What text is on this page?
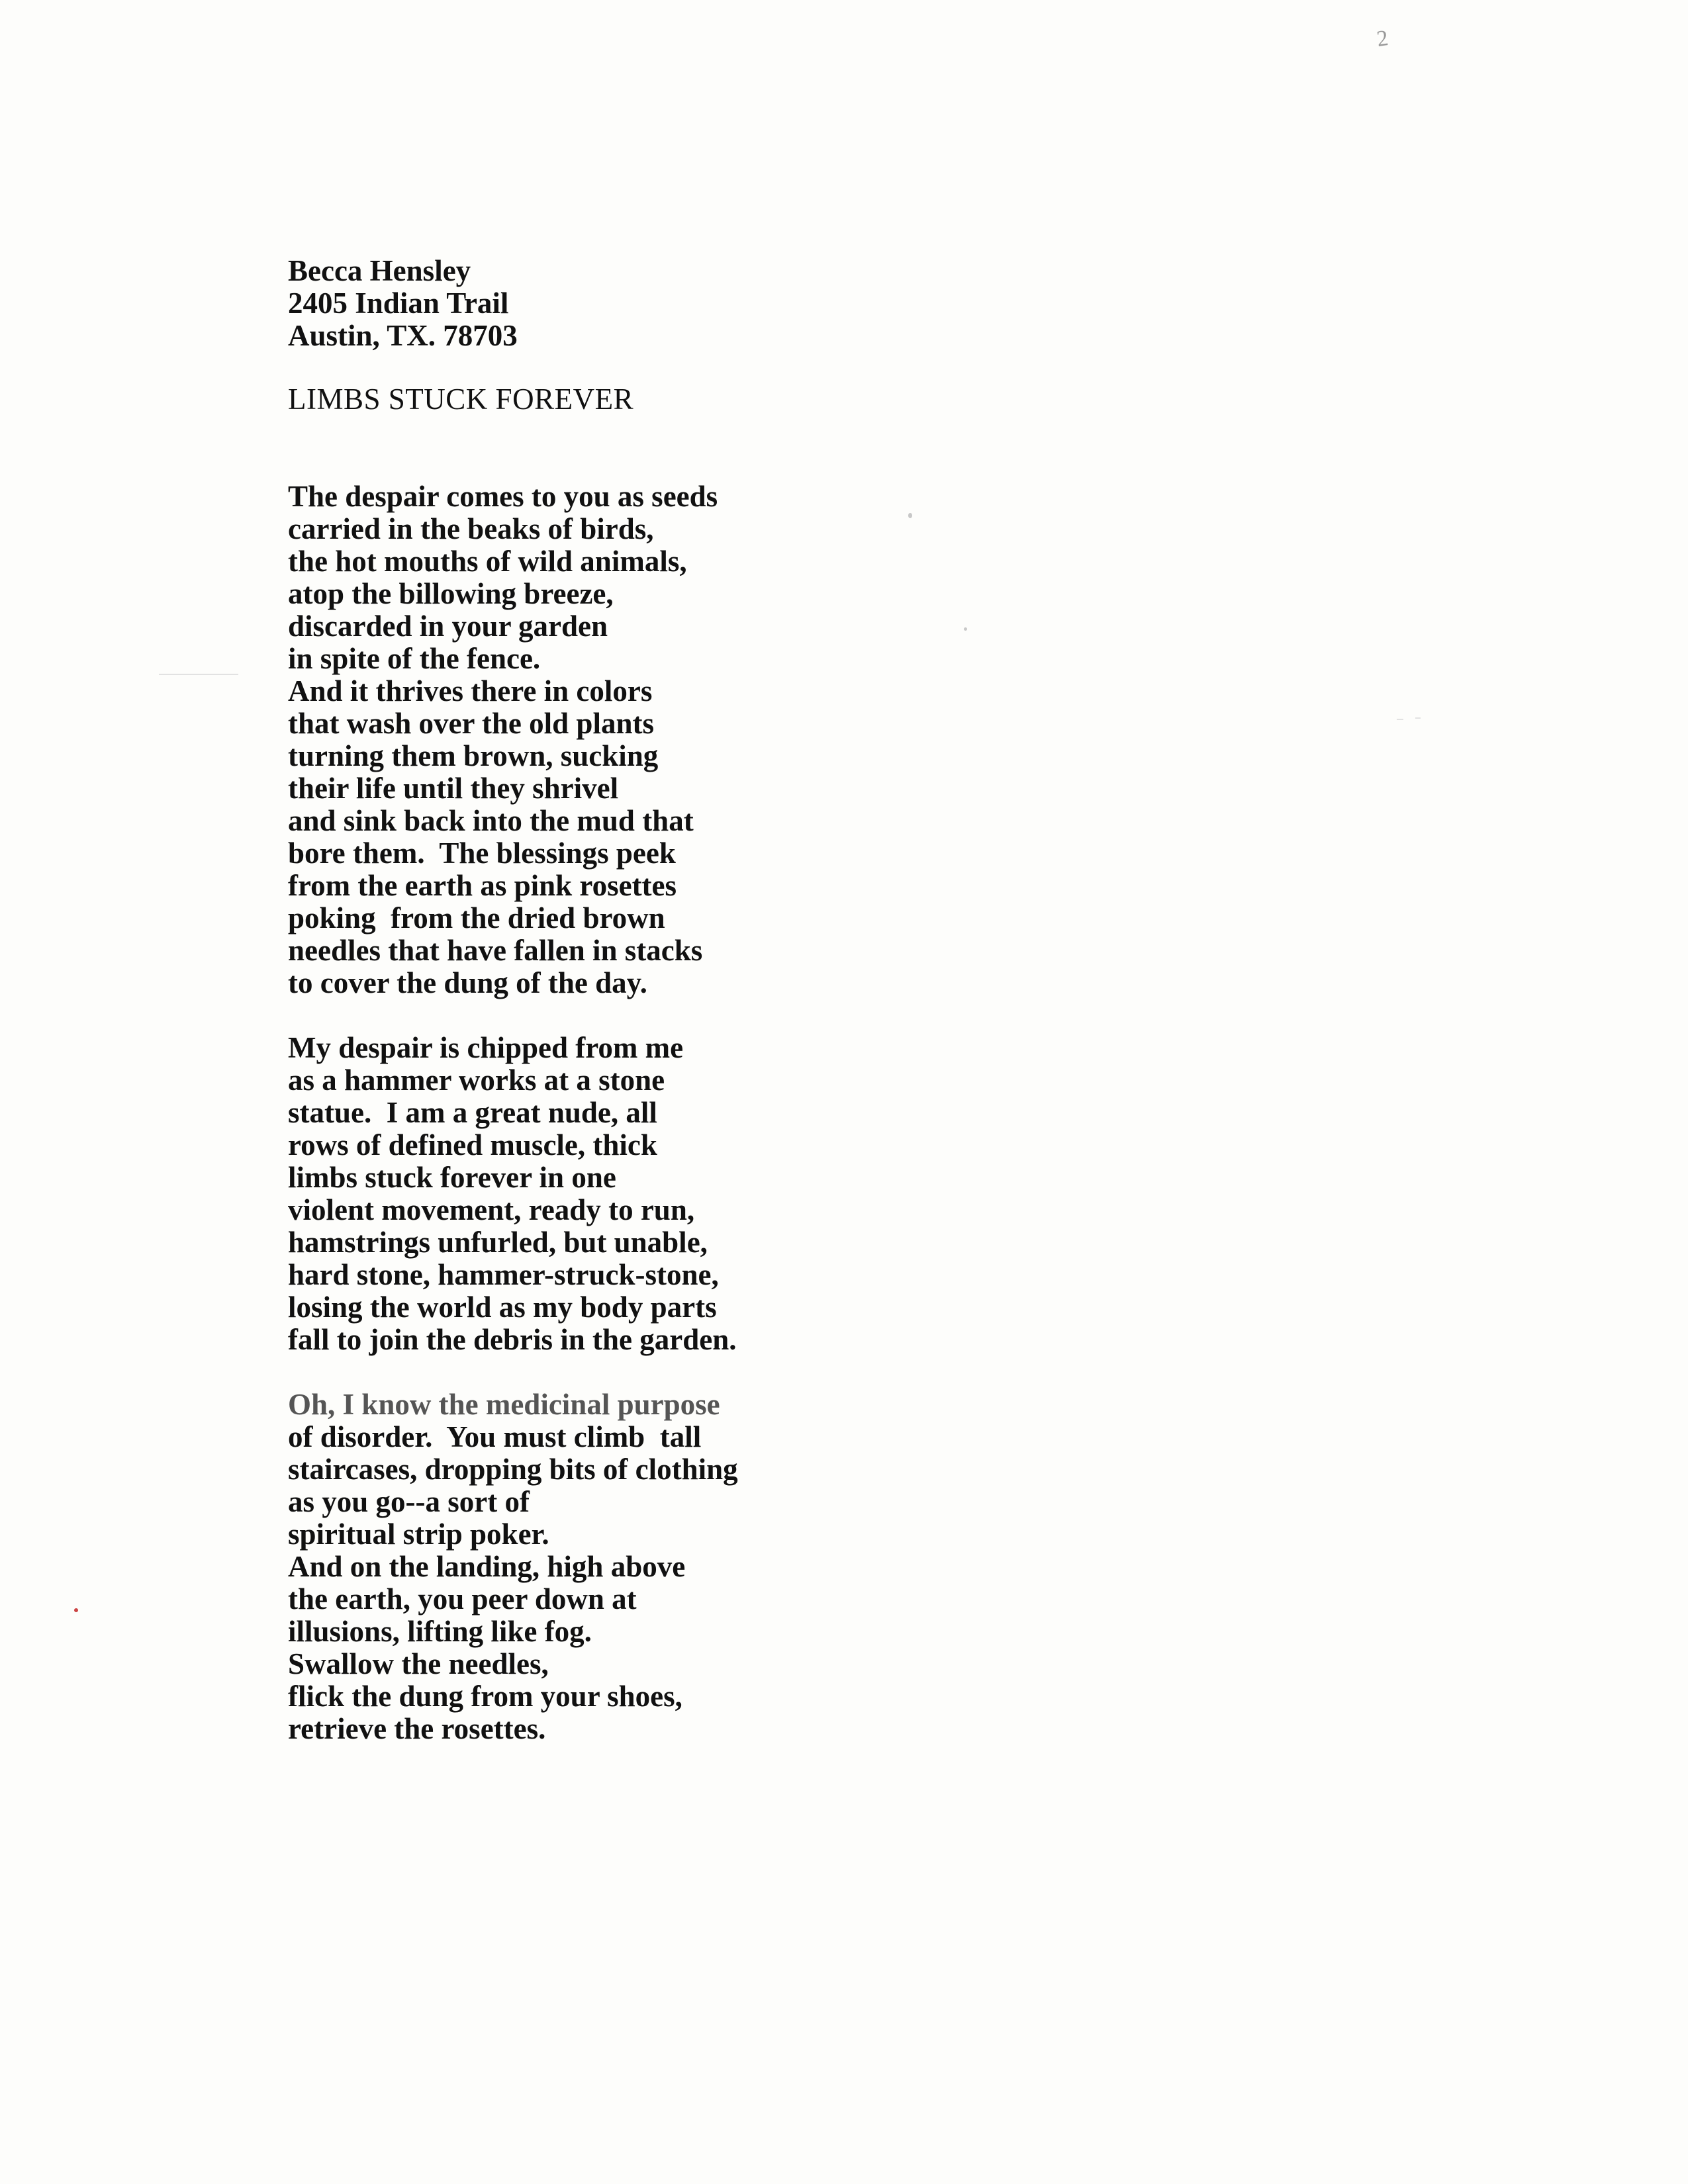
2
Becca Hensley
2405 Indian Trail
Austin, TX. 78703
LIMBS STUCK FOREVER
The despair comes to you as seeds
carried in the beaks of birds,
the hot mouths of wild animals,
atop the billowing breeze,
discarded in your garden
in spite of the fence.
And it thrives there in colors
that wash over the old plants
turning them brown, sucking
their life until they shrivel
and sink back into the mud that
bore them.  The blessings peek
from the earth as pink rosettes
poking  from the dried brown
needles that have fallen in stacks
to cover the dung of the day.
My despair is chipped from me
as a hammer works at a stone
statue.  I am a great nude, all
rows of defined muscle, thick
limbs stuck forever in one
violent movement, ready to run,
hamstrings unfurled, but unable,
hard stone, hammer-struck-stone,
losing the world as my body parts
fall to join the debris in the garden.
Oh, I know the medicinal purpose
of disorder.  You must climb  tall
staircases, dropping bits of clothing
as you go--a sort of
spiritual strip poker.
And on the landing, high above
the earth, you peer down at
illusions, lifting like fog.
Swallow the needles,
flick the dung from your shoes,
retrieve the rosettes.
